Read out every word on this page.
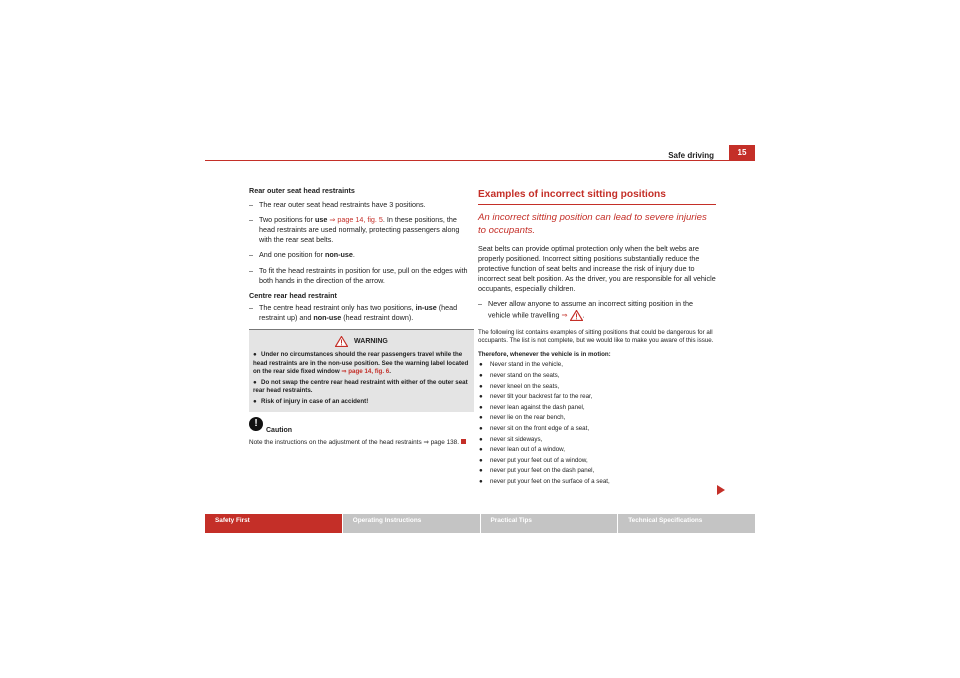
Safe driving	15

Rear outer seat head restraints

– The rear outer seat head restraints have 3 positions.
– Two positions for use ⇒ page 14, fig. 5. In these positions, the head restraints are used normally, protecting passengers along with the rear seat belts.
– And one position for non-use.
– To fit the head restraints in position for use, pull on the edges with both hands in the direction of the arrow.

Centre rear head restraint

– The centre head restraint only has two positions, in-use (head restraint up) and non-use (head restraint down).
WARNING
● Under no circumstances should the rear passengers travel while the head restraints are in the non-use position. See the warning label located on the rear side fixed window ⇒ page 14, fig. 6.
● Do not swap the centre rear head restraint with either of the outer seat rear head restraints.
● Risk of injury in case of an accident!
!
Caution
Note the instructions on the adjustment of the head restraints ⇒ page 138.
Examples of incorrect sitting positions
An incorrect sitting position can lead to severe injuries to occupants.

Seat belts can provide optimal protection only when the belt webs are properly positioned. Incorrect sitting positions substantially reduce the protective function of seat belts and increase the risk of injury due to incorrect seat belt position. As the driver, you are responsible for all vehicle occupants, especially children.

– Never allow anyone to assume an incorrect sitting position in the vehicle while travelling ⇒ .

The following list contains examples of sitting positions that could be dangerous for all occupants. The list is not complete, but we would like to make you aware of this issue.

Therefore, whenever the vehicle is in motion:

● Never stand in the vehicle,
● never stand on the seats,
● never kneel on the seats,
● never tilt your backrest far to the rear,
● never lean against the dash panel,
● never lie on the rear bench,
● never sit on the front edge of a seat,
● never sit sideways,
● never lean out of a window,
● never put your feet out of a window,
● never put your feet on the dash panel,
● never put your feet on the surface of a seat,
Safety First	Operating Instructions	Practical Tips	Technical Specifications
